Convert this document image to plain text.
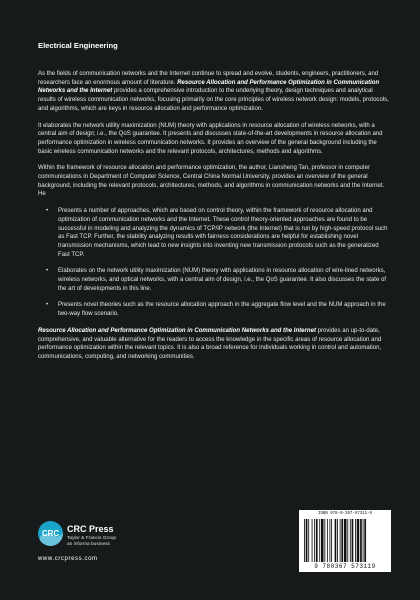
Electrical Engineering

As the fields of communication networks and the Internet continue to spread and evolve, students, engineers, practitioners, and researchers face an enormous amount of literature. Resource Allocation and Performance Optimization in Communication Networks and the Internet provides a comprehensive introduction to the underlying theory, design techniques and analytical results of wireless communication networks, focusing primarily on the core principles of wireless network design: models, protocols, and algorithms, which are keys in resource allocation and performance optimization.

It elaborates the network utility maximization (NUM) theory with applications in resource allocation of wireless networks, with a central aim of design; i.e., the QoS guarantee. It presents and discusses state-of-the-art developments in resource allocation and performance optimization in wireless communication networks. It provides an overview of the general background including the basic wireless communication networks and the relevant protocols, architectures, methods and algorithms.

Within the framework of resource allocation and performance optimization, the author, Liansheng Tan, professor in computer communications in Department of Computer Science, Central China Normal University, provides an overview of the general background, including the relevant protocols, architectures, methods, and algorithms in communication networks and the Internet. He

• Presents a number of approaches, which are based on control theory, within the framework of resource allocation and optimization of communication networks and the Internet. These control theory-oriented approaches are found to be successful in modeling and analyzing the dynamics of TCP/IP network (the Internet) that is run by high-speed protocol such as Fast TCP. Further, the stability analyzing results with fairness considerations are helpful for establishing novel transmission mechanisms, which lead to new insights into inventing new transmission protocols such as the generalized Fast TCP.
• Elaborates on the network utility maximization (NUM) theory with applications in resource allocation of wire-lined networks, wireless networks, and optical networks, with a central aim of design, i.e., the QoS guarantee. It also discusses the state of the art of developments in this line.
• Presents novel theories such as the resource allocation approach in the aggregate flow level and the NUM approach in the two-way flow scenario.

Resource Allocation and Performance Optimization in Communication Networks and the Internet provides an up-to-date, comprehensive, and valuable alternative for the readers to access the knowledge in the specific areas of resource allocation and performance optimization within the relevant topics. It is also a broad reference for individuals working in control and automation, communications, computing, and networking communities.

CRC CRC Press
Taylor & Francis Group
an informa business
www.crcpress.com
ISBN 978-0-367-57311-9
9 780367 573119
